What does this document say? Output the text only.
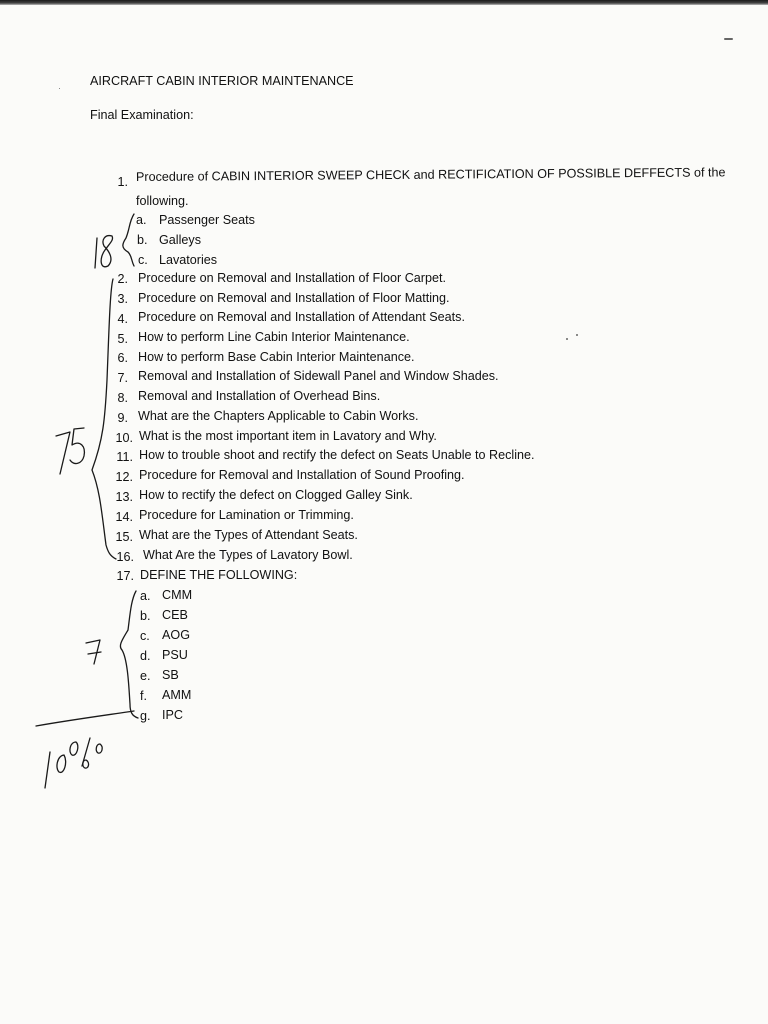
AIRCRAFT CABIN INTERIOR MAINTENANCE
Final Examination:
1. Procedure of CABIN INTERIOR SWEEP CHECK and RECTIFICATION OF POSSIBLE DEFFECTS of the
following.
a. Passenger Seats
b. Galleys
c. Lavatories
2. Procedure on Removal and Installation of Floor Carpet.
3. Procedure on Removal and Installation of Floor Matting.
4. Procedure on Removal and Installation of Attendant Seats.
5. How to perform Line Cabin Interior Maintenance.
6. How to perform Base Cabin Interior Maintenance.
7. Removal and Installation of Sidewall Panel and Window Shades.
8. Removal and Installation of Overhead Bins.
9. What are the Chapters Applicable to Cabin Works.
10. What is the most important item in Lavatory and Why.
11. How to trouble shoot and rectify the defect on Seats Unable to Recline.
12. Procedure for Removal and Installation of Sound Proofing.
13. How to rectify the defect on Clogged Galley Sink.
14. Procedure for Lamination or Trimming.
15. What are the Types of Attendant Seats.
16. What Are the Types of Lavatory Bowl.
17. DEFINE THE FOLLOWING:
a. CMM
b. CEB
c. AOG
d. PSU
e. SB
f. AMM
g. IPC
